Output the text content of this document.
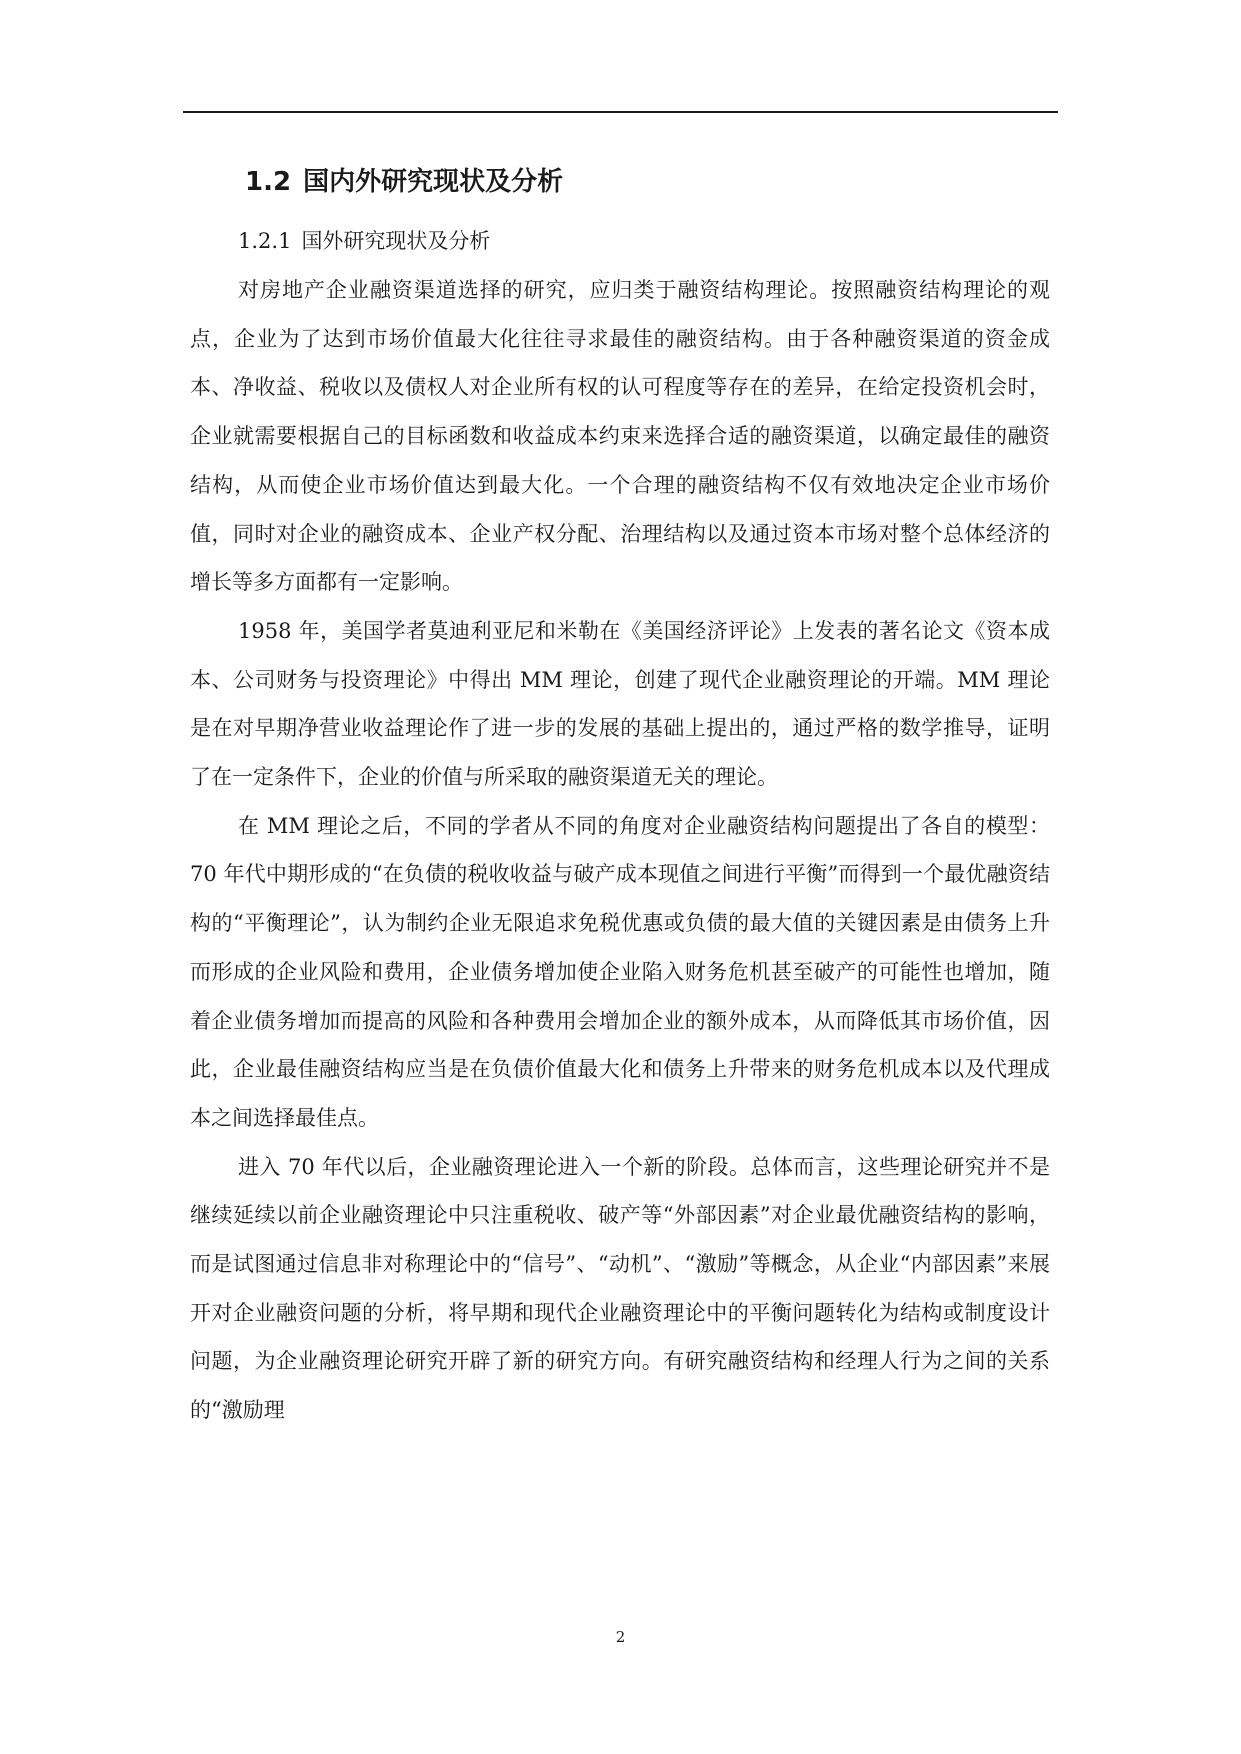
1.2 国内外研究现状及分析
1.2.1 国外研究现状及分析

对房地产企业融资渠道选择的研究，应归类于融资结构理论。按照融资结构理论的观点，企业为了达到市场价值最大化往往寻求最佳的融资结构。由于各种融资渠道的资金成本、净收益、税收以及债权人对企业所有权的认可程度等存在的差异，在给定投资机会时，企业就需要根据自己的目标函数和收益成本约束来选择合适的融资渠道，以确定最佳的融资结构，从而使企业市场价值达到最大化。一个合理的融资结构不仅有效地决定企业市场价值，同时对企业的融资成本、企业产权分配、治理结构以及通过资本市场对整个总体经济的增长等多方面都有一定影响。

1958 年，美国学者莫迪利亚尼和米勒在《美国经济评论》上发表的著名论文《资本成本、公司财务与投资理论》中得出 MM 理论，创建了现代企业融资理论的开端。MM 理论是在对早期净营业收益理论作了进一步的发展的基础上提出的，通过严格的数学推导，证明了在一定条件下，企业的价值与所采取的融资渠道无关的理论。

在 MM 理论之后，不同的学者从不同的角度对企业融资结构问题提出了各自的模型：70 年代中期形成的“在负债的税收收益与破产成本现值之间进行平衡”而得到一个最优融资结构的“平衡理论”，认为制约企业无限追求免税优惠或负债的最大值的关键因素是由债务上升而形成的企业风险和费用，企业债务增加使企业陷入财务危机甚至破产的可能性也增加，随着企业债务增加而提高的风险和各种费用会增加企业的额外成本，从而降低其市场价值，因此，企业最佳融资结构应当是在负债价值最大化和债务上升带来的财务危机成本以及代理成本之间选择最佳点。

进入 70 年代以后，企业融资理论进入一个新的阶段。总体而言，这些理论研究并不是继续延续以前企业融资理论中只注重税收、破产等“外部因素”对企业最优融资结构的影响，而是试图通过信息非对称理论中的“信号”、“动机”、“激励”等概念，从企业“内部因素”来展开对企业融资问题的分析，将早期和现代企业融资理论中的平衡问题转化为结构或制度设计问题，为企业融资理论研究开辟了新的研究方向。有研究融资结构和经理人行为之间的关系的“激励理

2
